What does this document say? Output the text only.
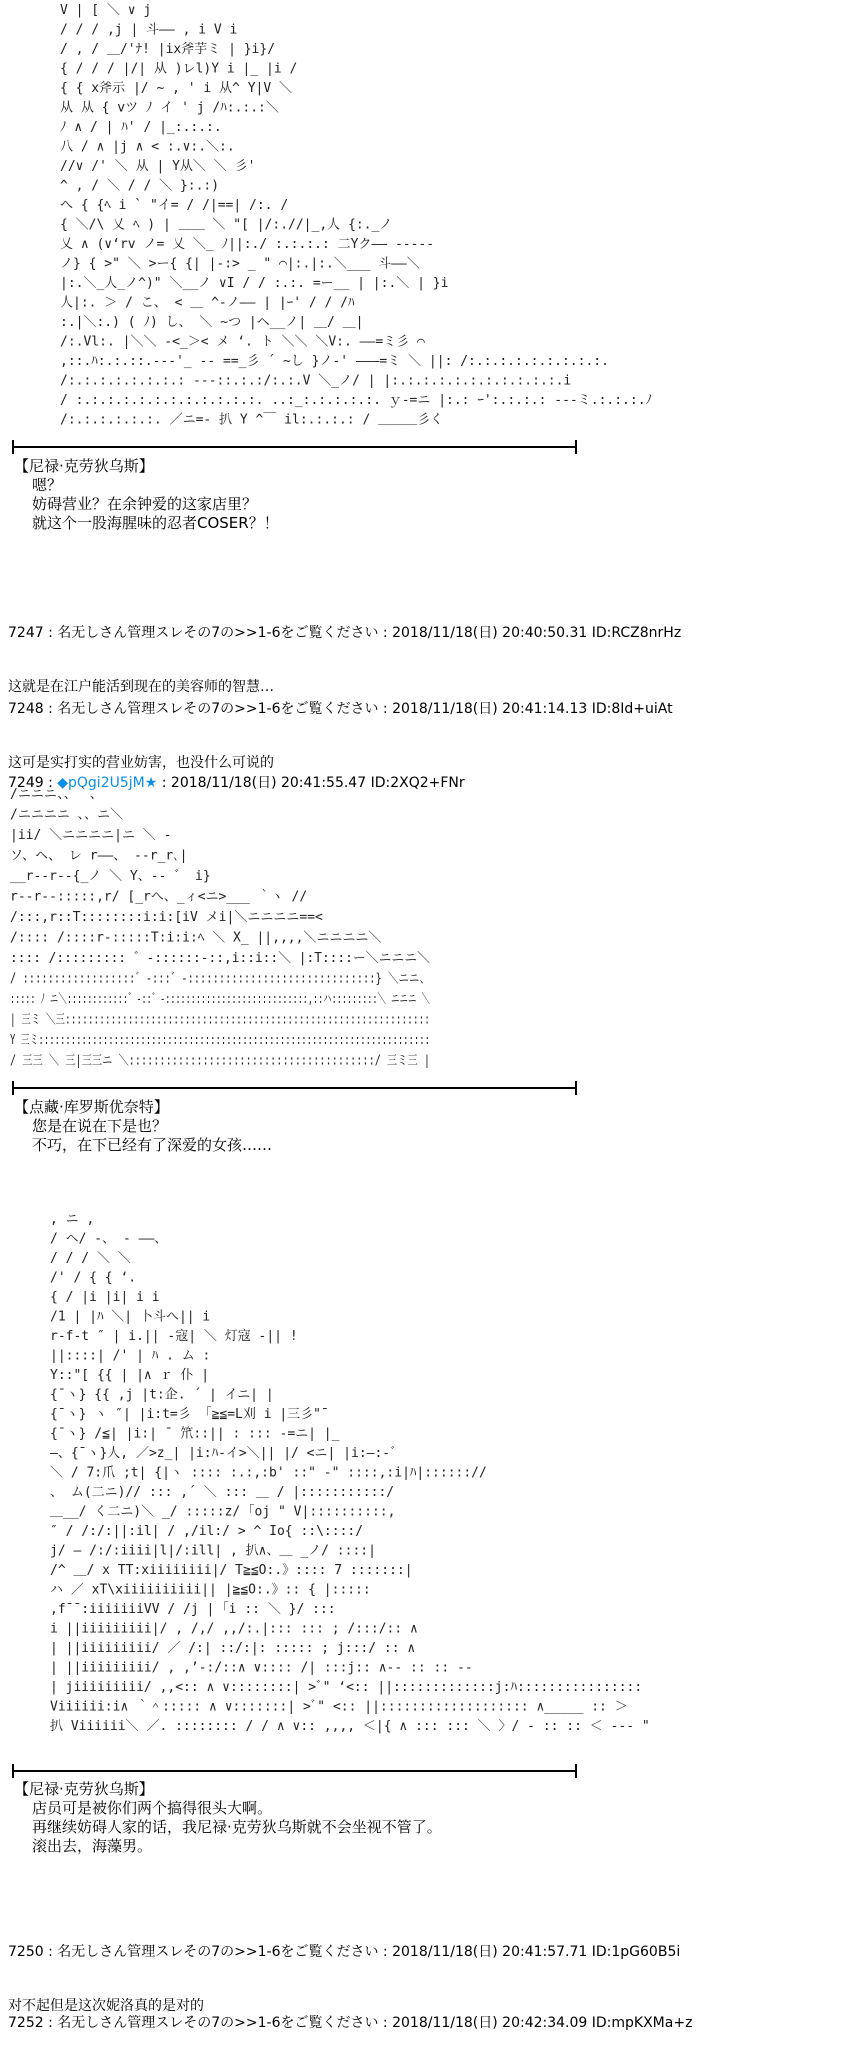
V | [ ＼ ∨ j
/ / / ,j | 斗—— , i V i
/ , / ＿/'ﾅ! |ix斧芋ミ | }i}/
{ / / / |/| 从 )レl)Y i |_ |i /
{ { x斧示 |/ ~ , ' i 从^ Y|V ＼
从 从 { vツ ﾉ イ ' j /ﾊ:.:.:＼
ﾉ ∧ / | ﾊ' / |_:.:.:.
八 / ∧ |j ∧ < :.∨:.＼:.
//∨ /' ＼ 从 | Y从＼ ＼ 彡'
^ , / ＼ / / ＼ }:.:)
へ { {ﾍ i ` "イ= / /|==| /:. /
{ ＼/\ 乂 ﾍ ) | ＿＿ ＼ "[ |/:.//|_,人 {:._ノ
乂 ∧ (∨‘rv ノ= 乂 ＼_ ﾉ||:./ :.:.:.: 二Yク—— -----
ノ} { >" ＼ >ー{ {| |-:> _ " ⌒|:.|:.＼___ 斗——＼
|:.＼_人_ノ^)" ＼__ノ ∨I / / :.:. =ー__ | |:.＼ | }i
人|:. ＞ / こ、 < ＿ ^-ノ—— | |ｰ' / / /ﾊ
:.|＼:.) ( ﾉ) し、 ＼ ~つ |ヘ__ノ| ＿/ ＿|
/:.Vl:. |＼＼ -<_＞< メ ‘. ト ＼＼ ＼V:. ——=ミ彡 ⌒
,::.ﾊ:.:.::.---'_ -- ==_彡 ´ ~し }ノ-' ———=ミ ＼ ||: /:.:.:.:.:.:.:.:.:.
/:.:.:.:.:.:.:.: ---::.:.:/:.:.V ＼_ノ/ | |:.:.:.:.:.:.:.:.:.:.:.i
/ :.:.:.:.:.:.:.:.:.:.:.:. ..:_:.:.:.:.:. ｙ-=ニ |:.: ｰ':.:.:.: ---ミ.:.:.:.ﾉ
/:.:.:.:.:.:. ／ニ=- 扒 Y ^￣ il:.:.:.: / ＿＿＿彡く
【尼禄·克劳狄乌斯】
嗯？
妨碍营业？在余钟爱的这家店里？
就这个一股海腥味的忍者COSER？！

7247 : 名无しさん管理スレその7の>>1-6をご覧ください : 2018/11/18(日) 20:40:50.31 ID:RCZ8nrHz

这就是在江户能活到现在的美容师的智慧…

7248 : 名无しさん管理スレその7の>>1-6をご覧ください : 2018/11/18(日) 20:41:14.13 ID:8Id+uiAt

这可是实打实的营业妨害，也没什么可说的

7249 : ◆pOgi2U5jM★ : 2018/11/18(日) 20:41:55.47 ID:2XQ2+FNr

/ニニニ、、｀、
/ニニニニ 、、ニ＼
|ii/ ＼ニニニニ|ニ ＼ ‐
ソ、ヘ、 レ r——、 ‐‐r_r､|
__r--r--{_ノ ＼ Y、-- ゛ i}
r--r--:::::,r/ [_rへ、_ィ<ニ>___ ｀ヽ //
/:::,r::T::::::::i:i:[iV メi|＼ニニニニ==<
/:::: /::::r-:::::T:i:i:ﾍ ＼ X_ ||,,,,＼ニニニニ＼
:::: /::::::::: ゛-::::::-::,i::i::＼ |:T::::ー＼ニニニ＼
/ ::::::::::::::::::゛-:::゛-::::::::::::::::::::::::::::::} ＼ニニ、
::::: ﾉ ニ＼::::::::::::゛-::゛-::::::::::::::::::::::::::::,::ハ:::::::::＼ ニニニ ＼
| 三ミ ＼三::::::::::::::::::::::::::::::::::::::::::::::::::::::::::::::::
Y 三ミ:::::::::::::::::::::::::::::::::::::::::::::::::::::::::::::::::::::::::
/ 三三 ＼ 三|三三ニ ＼::::::::::::::::::::::::::::::::::::::::/ 三ミ三 |
【点藏·库罗斯优奈特】
您是在说在下是也？
不巧，在下已经有了深爱的女孩……
, ニ ,
/ ヘ/ ‐、 ‐ ——、
/ / / ＼ ＼
/' / { { ‘.
{ / |i |i| i i
/1 | |ﾊ ＼| 卜斗へ|| i
r-f-t ″ | i.|| ‐寇| ＼ 灯寇 ‐|| !
||::::| /' | ﾊ . ム :
Y::"[ {{ | |∧ ｒ 仆 |
{¯ヽ} {{ ,j |t:企. ´ | イニ| |
{¯ヽ} ヽ ″| |i:t=彡 「≧≦=L刈 i |三彡"¯
{¯ヽ} /≦| |i:| ¯ 笊::|| : ::: -=ニ| |_
—、{¯ヽ}人, ／>z_| |i:ﾊ-イ>＼|| |/ <ニ| |i:—:-゛
＼ / 7:爪 ;t| {|ヽ :::: :.:,:b' ::" ‐" ::::,:i|ﾊ|:::::://
、 ム(二ニ)// ::: ,´ ＼ ::: ＿ / |:::::::::::/
＿__/ く二ニ)＼ _/ :::::z/ ｢oj " V|::::::::::,
″ / /:/:||:il| / ,/il:/ > ^ Io{ ::\::::/
j/ ― /:/:iiii|l|/:ill| , 扒∧、＿ _ノ/ ::::|
/^ ＿/ x TT:xiiiiiiii|/ T≧≦O:.》:::: 7 :::::::|
ハ ／ xT\xiiiiiiiiii|| |≧≦O:.》:: { |:::::
,f¯¯:iiiiiiiVV / /j | ｢i :: ＼ }/ :::
i ||iiiiiiiii|/ , /,/ ,,/:.|::: ::: ; /:::/:: ∧
| ||iiiiiiiii/ ／ /:| ::/:|: ::::: ; j:::/ :: ∧
| ||iiiiiiiii/ , ,’-:/::∧ ∨:::: /| :::j:: ∧-- :: :: --
| jiiiiiiiii/ ,,<:: ∧ ∨::::::::| >ﾞ" ‘<:: ||:::::::::::::j:ﾊ::::::::::::::::
Viiiiii:i∧ ｀＾::::: ∧ ∨:::::::| >ﾞ" <:: ||::::::::::::::::::: ∧_____ :: ＞
扒 Viiiiii＼ ／. :::::::: / / ∧ ∨:: ,,,, ＜|{ ∧ ::: ::: ＼ 〉/ - :: :: ＜ --- "
【尼禄·克劳狄乌斯】
店员可是被你们两个搞得很头大啊。
再继续妨碍人家的话，我尼禄·克劳狄乌斯就不会坐视不管了。
滚出去，海藻男。

7250 : 名无しさん管理スレその7の>>1-6をご覧ください : 2018/11/18(日) 20:41:57.71 ID:1pG60B5i

对不起但是这次妮洛真的是对的

7252 : 名无しさん管理スレその7の>>1-6をご覧ください : 2018/11/18(日) 20:42:34.09 ID:mpKXMa+z
